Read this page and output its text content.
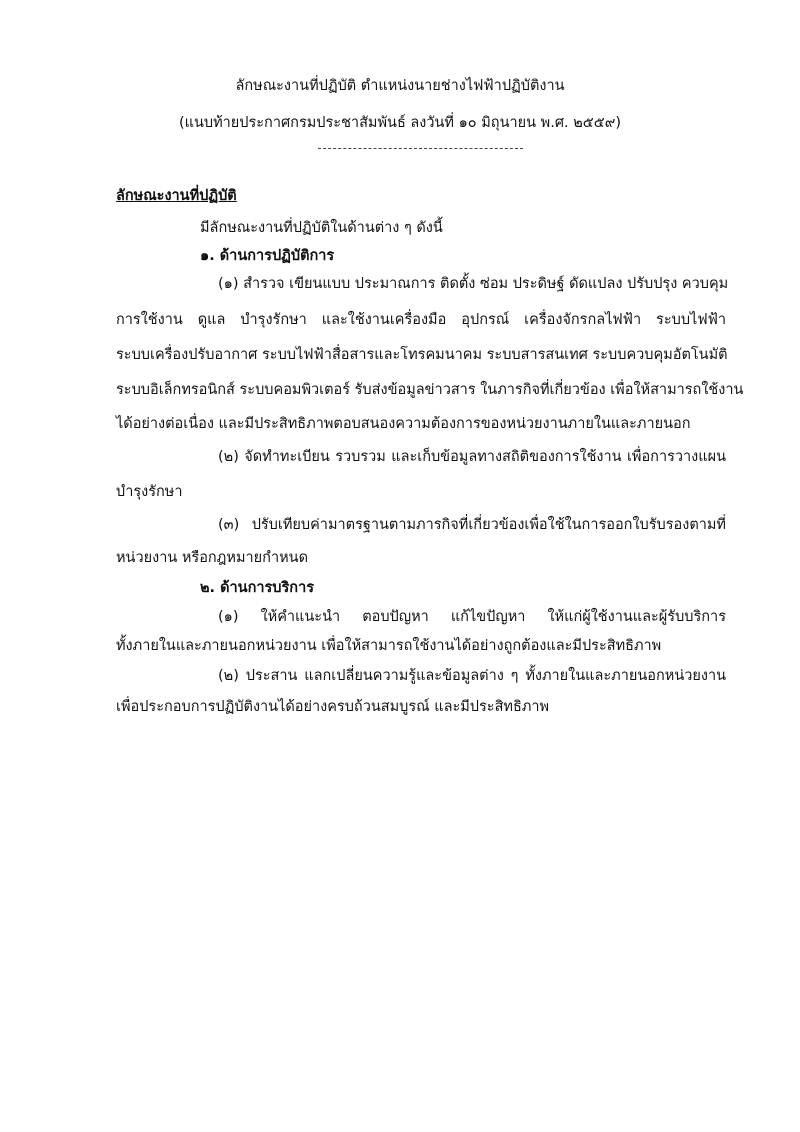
ลักษณะงานที่ปฏิบัติ ตำแหน่งนายช่างไฟฟ้าปฏิบัติงาน
(แนบท้ายประกาศกรมประชาสัมพันธ์ ลงวันที่ ๑๐ มิถุนายน พ.ศ. ๒๕๕๙)
ลักษณะงานที่ปฏิบัติ
มีลักษณะงานที่ปฏิบัติในด้านต่าง ๆ ดังนี้
๑. ด้านการปฏิบัติการ
(๑) สำรวจ เขียนแบบ ประมาณการ ติดตั้ง ซ่อม ประดิษฐ์ ดัดแปลง ปรับปรุง ควบคุม
การใช้งาน ดูแล บำรุงรักษา และใช้งานเครื่องมือ อุปกรณ์ เครื่องจักรกลไฟฟ้า ระบบไฟฟ้า
ระบบเครื่องปรับอากาศ ระบบไฟฟ้าสื่อสารและโทรคมนาคม ระบบสารสนเทศ ระบบควบคุมอัตโนมัติ
ระบบอิเล็กทรอนิกส์ ระบบคอมพิวเตอร์ รับส่งข้อมูลข่าวสาร ในภารกิจที่เกี่ยวข้อง เพื่อให้สามารถใช้งาน
ได้อย่างต่อเนื่อง และมีประสิทธิภาพตอบสนองความต้องการของหน่วยงานภายในและภายนอก
(๒) จัดทำทะเบียน รวบรวม และเก็บข้อมูลทางสถิติของการใช้งาน เพื่อการวางแผน
บำรุงรักษา
(๓) ปรับเทียบค่ามาตรฐานตามภารกิจที่เกี่ยวข้องเพื่อใช้ในการออกใบรับรองตามที่
หน่วยงาน หรือกฎหมายกำหนด
๒. ด้านการบริการ
(๑) ให้คำแนะนำ ตอบปัญหา แก้ไขปัญหา ให้แก่ผู้ใช้งานและผู้รับบริการ
ทั้งภายในและภายนอกหน่วยงาน เพื่อให้สามารถใช้งานได้อย่างถูกต้องและมีประสิทธิภาพ
(๒) ประสาน แลกเปลี่ยนความรู้และข้อมูลต่าง ๆ ทั้งภายในและภายนอกหน่วยงาน
เพื่อประกอบการปฏิบัติงานได้อย่างครบถ้วนสมบูรณ์ และมีประสิทธิภาพ
